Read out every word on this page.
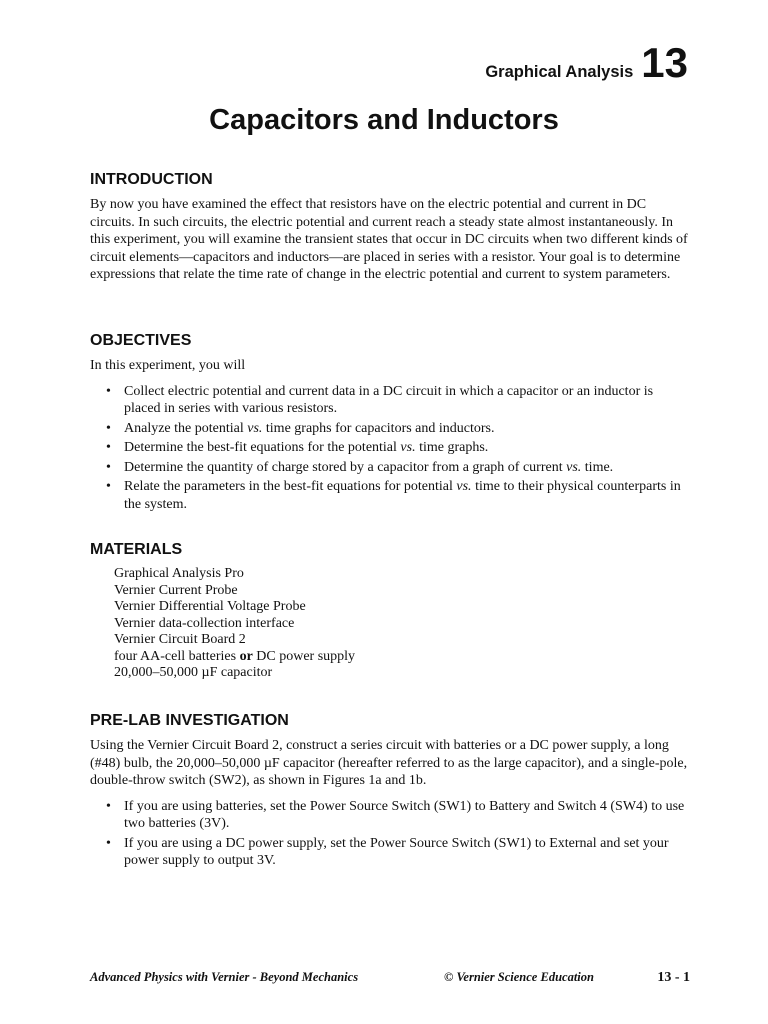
Graphical Analysis 13
Capacitors and Inductors
INTRODUCTION

By now you have examined the effect that resistors have on the electric potential and current in DC circuits. In such circuits, the electric potential and current reach a steady state almost instantaneously. In this experiment, you will examine the transient states that occur in DC circuits when two different kinds of circuit elements—capacitors and inductors—are placed in series with a resistor. Your goal is to determine expressions that relate the time rate of change in the electric potential and current to system parameters.

OBJECTIVES

In this experiment, you will

• Collect electric potential and current data in a DC circuit in which a capacitor or an inductor is placed in series with various resistors.
• Analyze the potential vs. time graphs for capacitors and inductors.
• Determine the best-fit equations for the potential vs. time graphs.
• Determine the quantity of charge stored by a capacitor from a graph of current vs. time.
• Relate the parameters in the best-fit equations for potential vs. time to their physical counterparts in the system.
MATERIALS
Graphical Analysis Pro
Vernier Current Probe
Vernier Differential Voltage Probe
Vernier data-collection interface
Vernier Circuit Board 2
four AA-cell batteries or DC power supply
20,000–50,000 µF capacitor
PRE-LAB INVESTIGATION

Using the Vernier Circuit Board 2, construct a series circuit with batteries or a DC power supply, a long (#48) bulb, the 20,000–50,000 µF capacitor (hereafter referred to as the large capacitor), and a single-pole, double-throw switch (SW2), as shown in Figures 1a and 1b.

• If you are using batteries, set the Power Source Switch (SW1) to Battery and Switch 4 (SW4) to use two batteries (3V).
• If you are using a DC power supply, set the Power Source Switch (SW1) to External and set your power supply to output 3V.
Advanced Physics with Vernier - Beyond Mechanics	© Vernier Science Education	13 - 1
